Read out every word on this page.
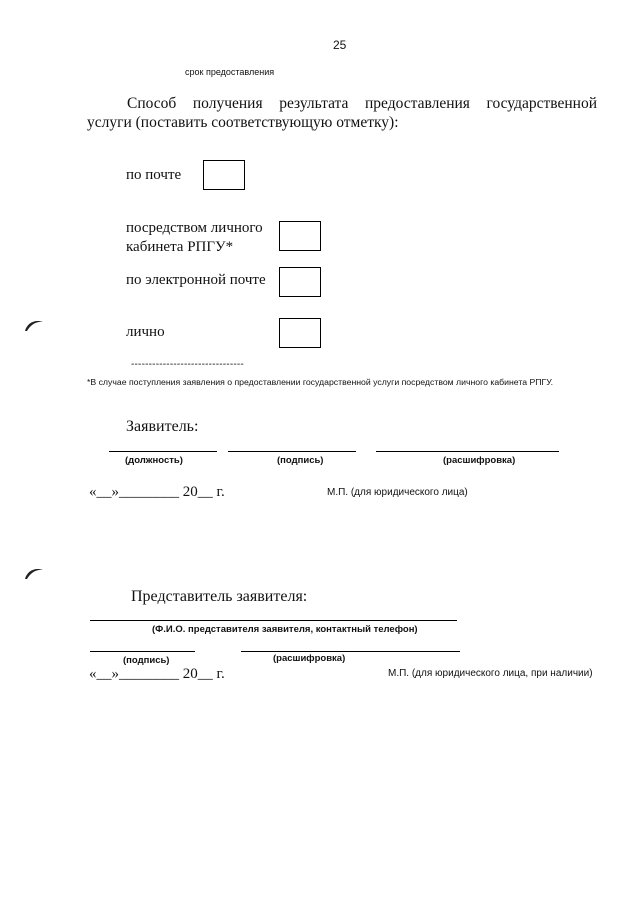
25
срок предоставления
Способ получения результата предоставления государственной
услуги (поставить соответствующую отметку):
по почте
посредством личного
кабинета РПГУ*
по электронной почте
лично
--------------------------------
*В случае поступления заявления о предоставлении государственной услуги посредством личного кабинета РПГУ.
Заявитель:
(должность)	(подпись)	(расшифровка)
«__»________ 20__ г.	М.П. (для юридического лица)
Представитель заявителя:
(Ф.И.О. представителя заявителя, контактный телефон)
(подпись)	(расшифровка)
«__»________ 20__ г.	М.П. (для юридического лица, при наличии)
